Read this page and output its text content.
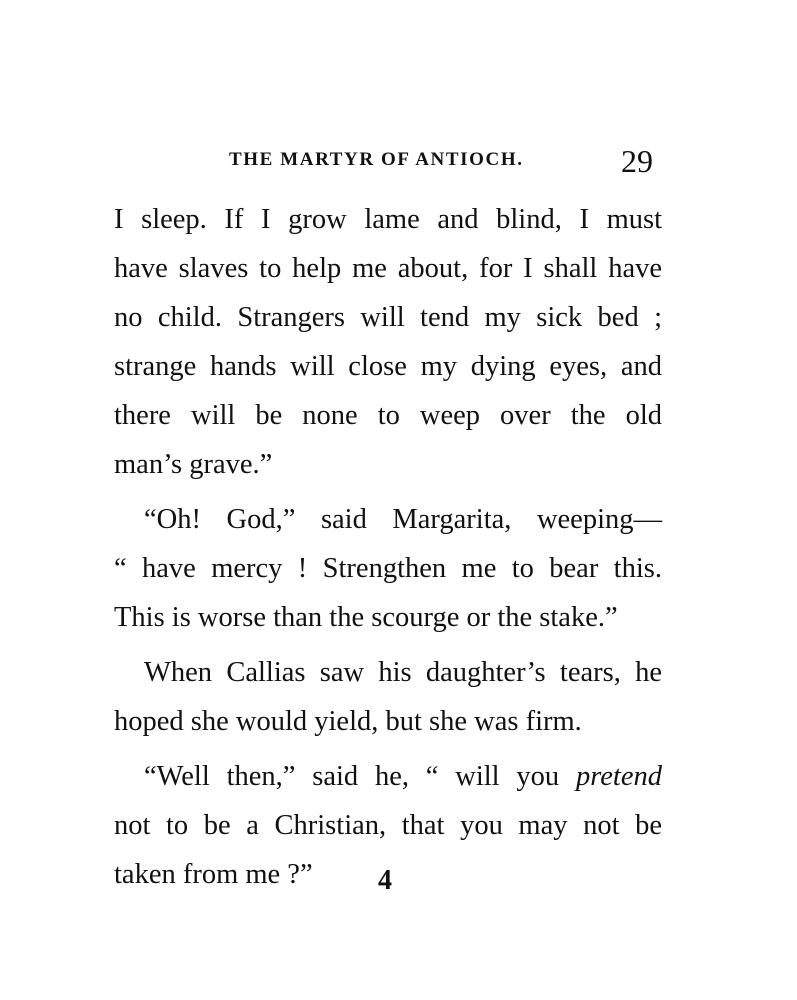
THE MARTYR OF ANTIOCH.	29
I sleep. If I grow lame and blind, I must
have slaves to help me about, for I shall have
no child. Strangers will tend my sick bed ;
strange hands will close my dying eyes, and
there will be none to weep over the old
man’s grave.”
“Oh! God,” said Margarita, weeping—
“ have mercy ! Strengthen me to bear this.
This is worse than the scourge or the stake.”
When Callias saw his daughter’s tears, he
hoped she would yield, but she was firm.
“Well then,” said he, “ will you pretend
not to be a Christian, that you may not be
taken from me ?”	4
